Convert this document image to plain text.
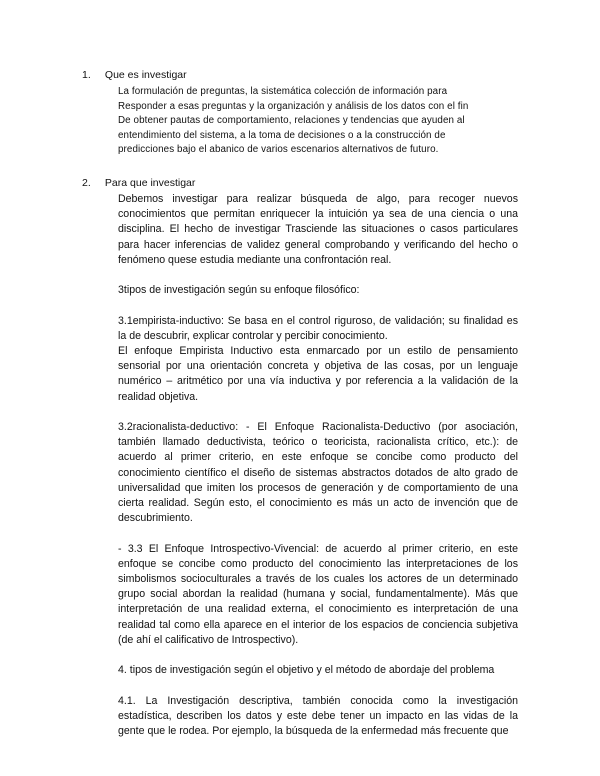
1. Que es investigar
La formulación de preguntas, la sistemática colección de información para
Responder a esas preguntas y la organización y análisis de los datos con el fin
De obtener pautas de comportamiento, relaciones y tendencias que ayuden al
entendimiento del sistema, a la toma de decisiones o a la construcción de
predicciones bajo el abanico de varios escenarios alternativos de futuro.
2. Para que investigar

Debemos investigar para realizar búsqueda de algo, para recoger nuevos conocimientos que permitan enriquecer la intuición ya sea de una ciencia o una disciplina. El hecho de investigar Trasciende las situaciones o casos particulares para hacer inferencias de validez general comprobando y verificando del hecho o fenómeno quese estudia mediante una confrontación real.

3tipos de investigación según su enfoque filosófico:

3.1empirista-inductivo: Se basa en el control riguroso, de validación; su finalidad es la de descubrir, explicar controlar y percibir conocimiento.

El enfoque Empirista Inductivo esta enmarcado por un estilo de pensamiento sensorial por una orientación concreta y objetiva de las cosas, por un lenguaje numérico – aritmético por una vía inductiva y por referencia a la validación de la realidad objetiva.

3.2racionalista-deductivo: - El Enfoque Racionalista-Deductivo (por asociación, también llamado deductivista, teórico o teoricista, racionalista crítico, etc.): de acuerdo al primer criterio, en este enfoque se concibe como producto del conocimiento científico el diseño de sistemas abstractos dotados de alto grado de universalidad que imiten los procesos de generación y de comportamiento de una cierta realidad. Según esto, el conocimiento es más un acto de invención que de descubrimiento.

- 3.3 El Enfoque Introspectivo-Vivencial: de acuerdo al primer criterio, en este enfoque se concibe como producto del conocimiento las interpretaciones de los simbolismos socioculturales a través de los cuales los actores de un determinado grupo social abordan la realidad (humana y social, fundamentalmente). Más que interpretación de una realidad externa, el conocimiento es interpretación de una realidad tal como ella aparece en el interior de los espacios de conciencia subjetiva (de ahí el calificativo de Introspectivo).

4. tipos de investigación según el objetivo y el método de abordaje del problema

4.1. La Investigación descriptiva, también conocida como la investigación estadística, describen los datos y este debe tener un impacto en las vidas de la gente que le rodea. Por ejemplo, la búsqueda de la enfermedad más frecuente que
